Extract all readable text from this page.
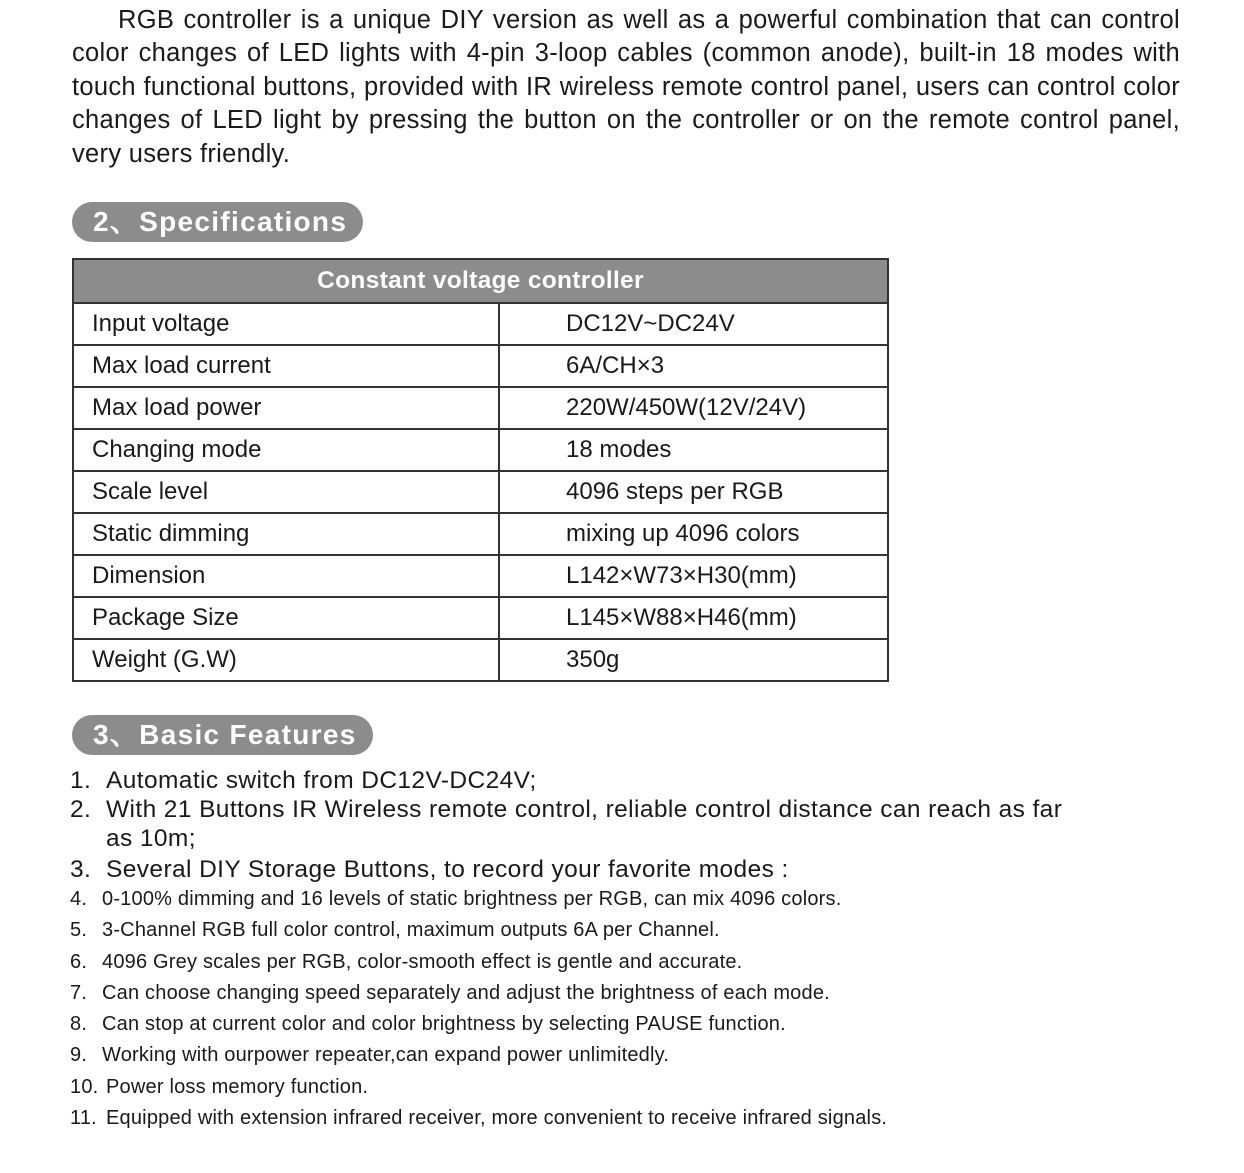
RGB controller is a unique DIY version as well as a powerful combination that can control color changes of LED lights with 4-pin 3-loop cables (common anode), built-in 18 modes with touch functional buttons, provided with IR wireless remote control panel, users can control color changes of LED light by pressing the button on the controller or on the remote control panel, very users friendly.

2、Specifications
Constant voltage controller	
Input voltage	DC12V~DC24V
Max load current	6A/CH×3
Max load power	220W/450W(12V/24V)
Changing mode	18 modes
Scale level	4096 steps per RGB
Static dimming	mixing up 4096 colors
Dimension	L142×W73×H30(mm)
Package Size	L145×W88×H46(mm)
Weight (G.W)	350g
3、Basic Features
1. Automatic switch from DC12V-DC24V;
2. With 21 Buttons IR Wireless remote control, reliable control distance can reach as far as 10m;
3. Several DIY Storage Buttons, to record your favorite modes :
4. 0-100% dimming and 16 levels of static brightness per RGB, can mix 4096 colors.
5. 3-Channel RGB full color control, maximum outputs 6A per Channel.
6. 4096 Grey scales per RGB, color-smooth effect is gentle and accurate.
7. Can choose changing speed separately and adjust the brightness of each mode.
8. Can stop at current color and color brightness by selecting PAUSE function.
9. Working with ourpower repeater,can expand power unlimitedly.
10. Power loss memory function.
11. Equipped with extension infrared receiver, more convenient to receive infrared signals.
